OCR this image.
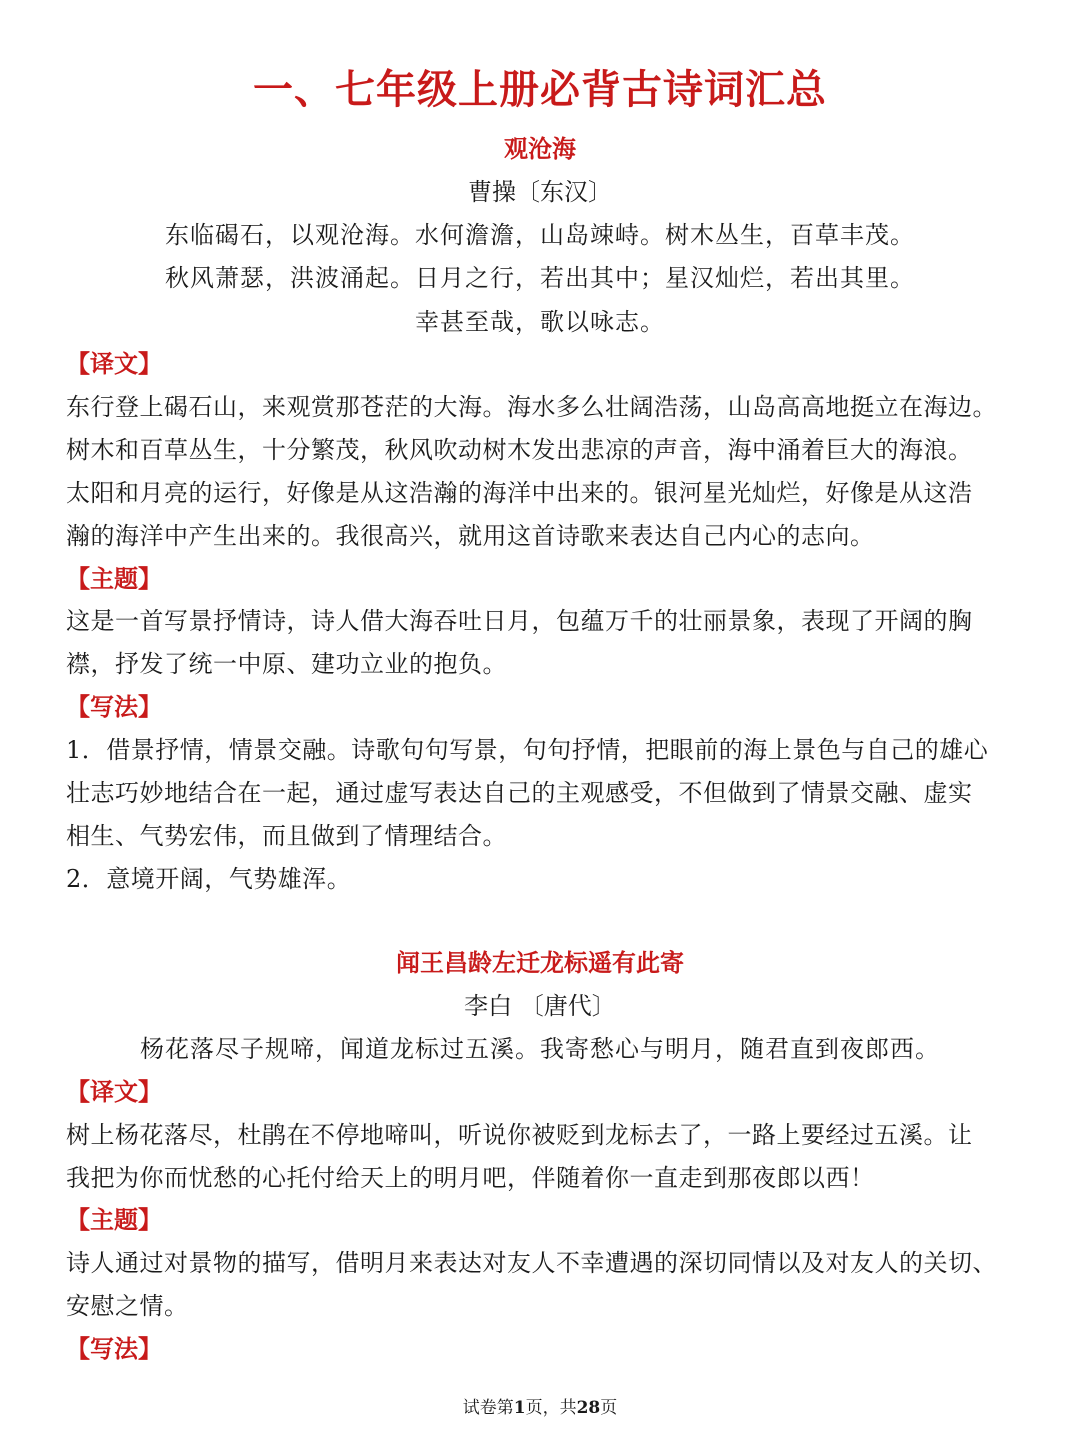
一、七年级上册必背古诗词汇总
观沧海
曹操〔东汉〕
东临碣石，以观沧海。水何澹澹，山岛竦峙。树木丛生，百草丰茂。
秋风萧瑟，洪波涌起。日月之行，若出其中；星汉灿烂，若出其里。
幸甚至哉，歌以咏志。
【译文】
东行登上碣石山，来观赏那苍茫的大海。海水多么壮阔浩荡，山岛高高地挺立在海边。
树木和百草丛生，十分繁茂，秋风吹动树木发出悲凉的声音，海中涌着巨大的海浪。
太阳和月亮的运行，好像是从这浩瀚的海洋中出来的。银河星光灿烂，好像是从这浩
瀚的海洋中产生出来的。我很高兴，就用这首诗歌来表达自己内心的志向。
【主题】
这是一首写景抒情诗，诗人借大海吞吐日月，包蕴万千的壮丽景象，表现了开阔的胸
襟，抒发了统一中原、建功立业的抱负。
【写法】
1．借景抒情，情景交融。诗歌句句写景，句句抒情，把眼前的海上景色与自己的雄心
壮志巧妙地结合在一起，通过虚写表达自己的主观感受，不但做到了情景交融、虚实
相生、气势宏伟，而且做到了情理结合。
2．意境开阔，气势雄浑。
闻王昌龄左迁龙标遥有此寄
李白 〔唐代〕
杨花落尽子规啼，闻道龙标过五溪。我寄愁心与明月，随君直到夜郎西。
【译文】
树上杨花落尽，杜鹃在不停地啼叫，听说你被贬到龙标去了，一路上要经过五溪。让
我把为你而忧愁的心托付给天上的明月吧，伴随着你一直走到那夜郎以西！
【主题】
诗人通过对景物的描写，借明月来表达对友人不幸遭遇的深切同情以及对友人的关切、
安慰之情。
【写法】
试卷第1页，共28页
